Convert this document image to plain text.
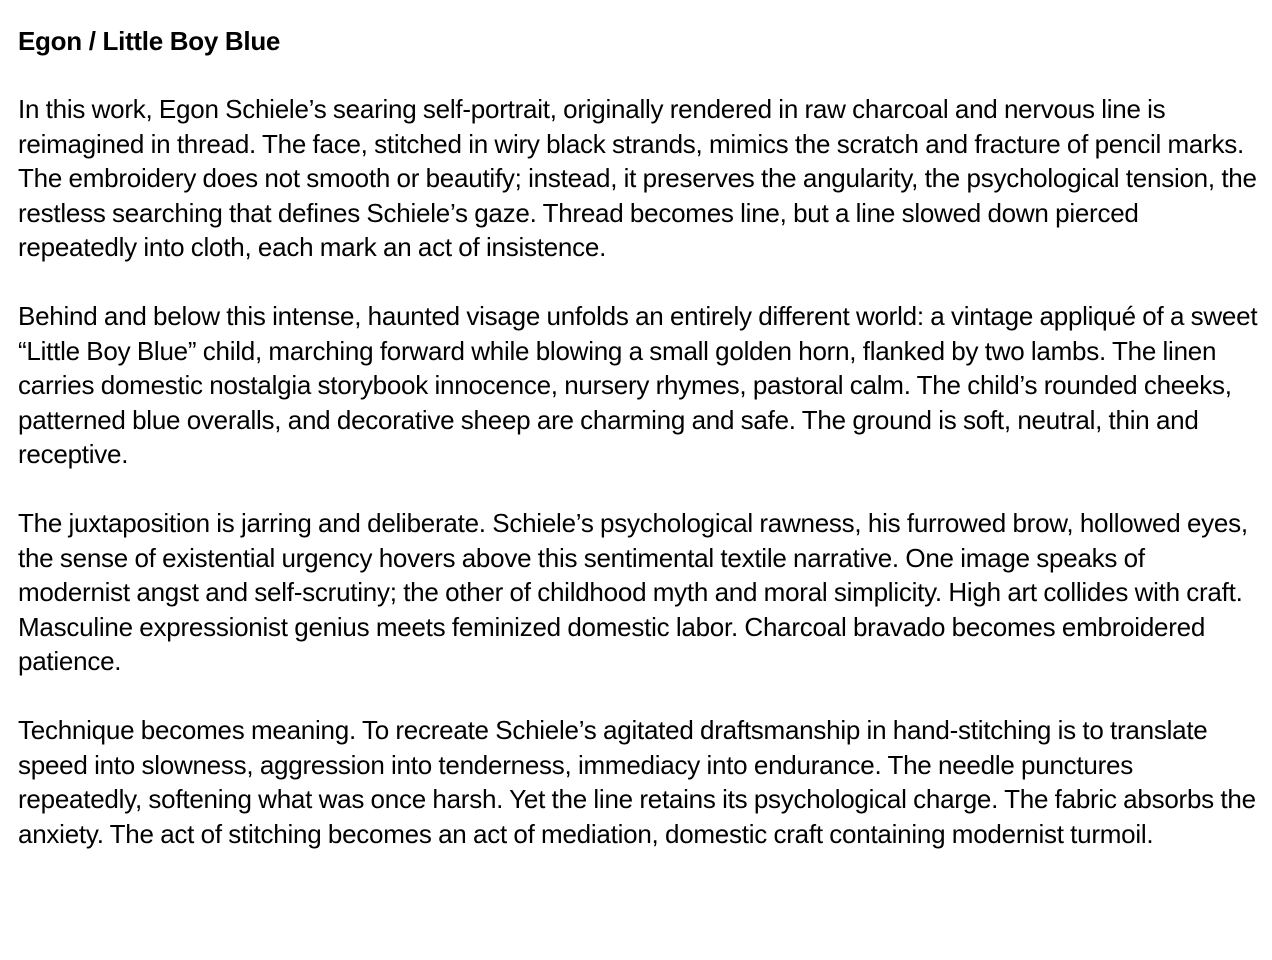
Egon / Little Boy Blue

In this work, Egon Schiele’s searing self-portrait, originally rendered in raw charcoal and nervous line is reimagined in thread. The face, stitched in wiry black strands, mimics the scratch and fracture of pencil marks. The embroidery does not smooth or beautify; instead, it preserves the angularity, the psychological tension, the restless searching that defines Schiele’s gaze. Thread becomes line, but a line slowed down pierced repeatedly into cloth, each mark an act of insistence.

Behind and below this intense, haunted visage unfolds an entirely different world: a vintage appliqué of a sweet “Little Boy Blue” child, marching forward while blowing a small golden horn, flanked by two lambs. The linen carries domestic nostalgia storybook innocence, nursery rhymes, pastoral calm. The child’s rounded cheeks, patterned blue overalls, and decorative sheep are charming and safe. The ground is soft, neutral, thin and receptive.

The juxtaposition is jarring and deliberate. Schiele’s psychological rawness, his furrowed brow, hollowed eyes, the sense of existential urgency hovers above this sentimental textile narrative. One image speaks of modernist angst and self-scrutiny; the other of childhood myth and moral simplicity. High art collides with craft. Masculine expressionist genius meets feminized domestic labor. Charcoal bravado becomes embroidered patience.

Technique becomes meaning. To recreate Schiele’s agitated draftsmanship in hand-stitching is to translate speed into slowness, aggression into tenderness, immediacy into endurance. The needle punctures repeatedly, softening what was once harsh. Yet the line retains its psychological charge. The fabric absorbs the anxiety. The act of stitching becomes an act of mediation, domestic craft containing modernist turmoil.
